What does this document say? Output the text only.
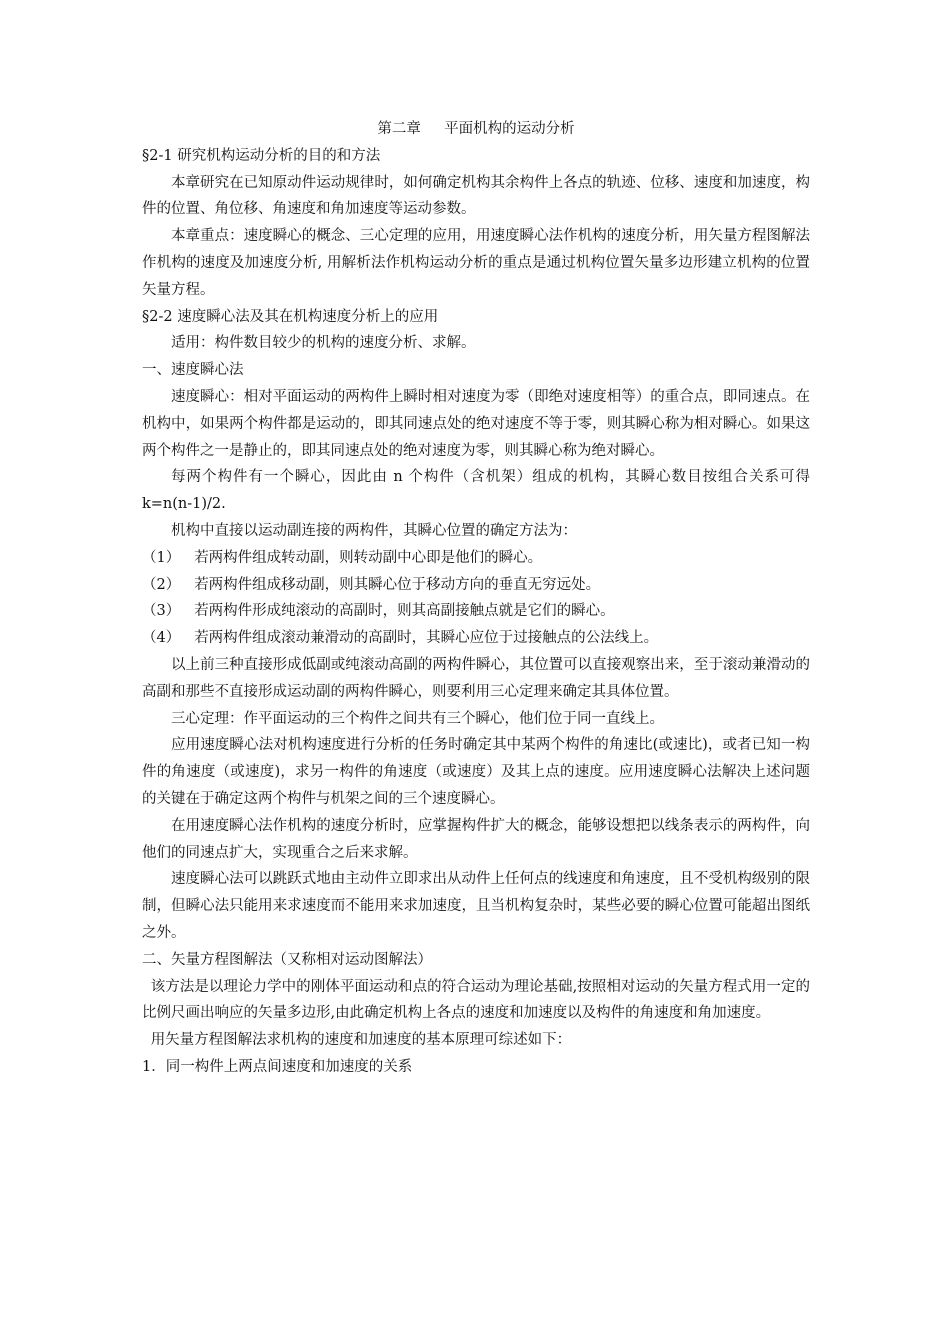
第二章 平面机构的运动分析

§2-1 研究机构运动分析的目的和方法

本章研究在已知原动件运动规律时，如何确定机构其余构件上各点的轨迹、位移、速度和加速度，构件的位置、角位移、角速度和角加速度等运动参数。

本章重点：速度瞬心的概念、三心定理的应用，用速度瞬心法作机构的速度分析，用矢量方程图解法作机构的速度及加速度分析, 用解析法作机构运动分析的重点是通过机构位置矢量多边形建立机构的位置矢量方程。

§2-2 速度瞬心法及其在机构速度分析上的应用

适用：构件数目较少的机构的速度分析、求解。

一、速度瞬心法

速度瞬心：相对平面运动的两构件上瞬时相对速度为零（即绝对速度相等）的重合点，即同速点。在机构中，如果两个构件都是运动的，即其同速点处的绝对速度不等于零，则其瞬心称为相对瞬心。如果这两个构件之一是静止的，即其同速点处的绝对速度为零，则其瞬心称为绝对瞬心。

每两个构件有一个瞬心，因此由 n 个构件（含机架）组成的机构，其瞬心数目按组合关系可得 k=n(n-1)/2.

机构中直接以运动副连接的两构件，其瞬心位置的确定方法为：

（1） 若两构件组成转动副，则转动副中心即是他们的瞬心。

（2） 若两构件组成移动副，则其瞬心位于移动方向的垂直无穷远处。

（3） 若两构件形成纯滚动的高副时，则其高副接触点就是它们的瞬心。

（4） 若两构件组成滚动兼滑动的高副时，其瞬心应位于过接触点的公法线上。

以上前三种直接形成低副或纯滚动高副的两构件瞬心，其位置可以直接观察出来，至于滚动兼滑动的高副和那些不直接形成运动副的两构件瞬心，则要利用三心定理来确定其具体位置。

三心定理：作平面运动的三个构件之间共有三个瞬心，他们位于同一直线上。

应用速度瞬心法对机构速度进行分析的任务时确定其中某两个构件的角速比(或速比)，或者已知一构件的角速度（或速度)，求另一构件的角速度（或速度）及其上点的速度。应用速度瞬心法解决上述问题的关键在于确定这两个构件与机架之间的三个速度瞬心。

在用速度瞬心法作机构的速度分析时，应掌握构件扩大的概念，能够设想把以线条表示的两构件，向他们的同速点扩大，实现重合之后来求解。

速度瞬心法可以跳跃式地由主动件立即求出从动件上任何点的线速度和角速度，且不受机构级别的限制，但瞬心法只能用来求速度而不能用来求加速度，且当机构复杂时，某些必要的瞬心位置可能超出图纸之外。

二、矢量方程图解法（又称相对运动图解法）

该方法是以理论力学中的刚体平面运动和点的符合运动为理论基础,按照相对运动的矢量方程式用一定的比例尺画出响应的矢量多边形,由此确定机构上各点的速度和加速度以及构件的角速度和角加速度。

用矢量方程图解法求机构的速度和加速度的基本原理可综述如下：

1．同一构件上两点间速度和加速度的关系
